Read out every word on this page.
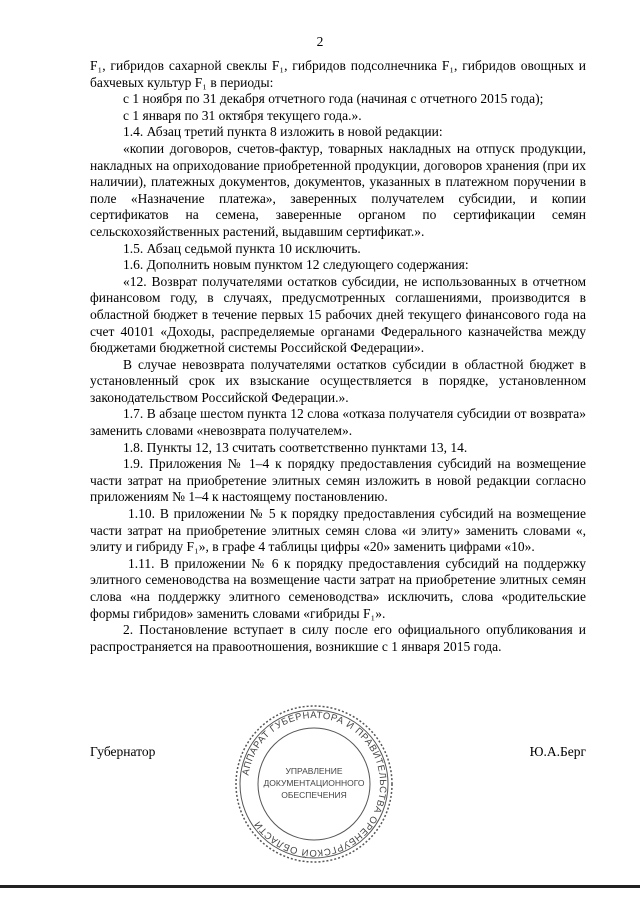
2

F₁, гибридов сахарной свеклы F₁, гибридов подсолнечника F₁, гибридов овощных и бахчевых культур F₁ в периоды:

с 1 ноября по 31 декабря отчетного года (начиная с отчетного 2015 года);

с 1 января по 31 октября текущего года.».

1.4. Абзац третий пункта 8 изложить в новой редакции:

«копии договоров, счетов-фактур, товарных накладных на отпуск продукции, накладных на оприходование приобретенной продукции, договоров хранения (при их наличии), платежных документов, документов, указанных в платежном поручении в поле «Назначение платежа», заверенных получателем субсидии, и копии сертификатов на семена, заверенные органом по сертификации семян сельскохозяйственных растений, выдавшим сертификат.».

1.5. Абзац седьмой пункта 10 исключить.

1.6. Дополнить новым пунктом 12 следующего содержания:

«12. Возврат получателями остатков субсидии, не использованных в отчетном финансовом году, в случаях, предусмотренных соглашениями, производится в областной бюджет в течение первых 15 рабочих дней текущего финансового года на счет 40101 «Доходы, распределяемые органами Федерального казначейства между бюджетами бюджетной системы Российской Федерации».

В случае невозврата получателями остатков субсидии в областной бюджет в установленный срок их взыскание осуществляется в порядке, установленном законодательством Российской Федерации.».

1.7. В абзаце шестом пункта 12 слова «отказа получателя субсидии от возврата» заменить словами «невозврата получателем».

1.8. Пункты 12, 13 считать соответственно пунктами 13, 14.

1.9. Приложения № 1–4 к порядку предоставления субсидий на возмещение части затрат на приобретение элитных семян изложить в новой редакции согласно приложениям № 1–4 к настоящему постановлению.

1.10. В приложении № 5 к порядку предоставления субсидий на возмещение части затрат на приобретение элитных семян слова «и элиту» заменить словами «, элиту и гибриду F₁», в графе 4 таблицы цифры «20» заменить цифрами «10».

1.11. В приложении № 6 к порядку предоставления субсидий на поддержку элитного семеноводства на возмещение части затрат на приобретение элитных семян слова «на поддержку элитного семеноводства» исключить, слова «родительские формы гибридов» заменить словами «гибриды F₁».

2. Постановление вступает в силу после его официального опубликования и распространяется на правоотношения, возникшие с 1 января 2015 года.

Губернатор	Ю.А.Берг
АППАРАТ ГУБЕРНАТОРА И ПРАВИТЕЛЬСТВА ОРЕНБУРГСКОЙ ОБЛАСТИ
УПРАВЛЕНИЕ
ДОКУМЕНТАЦИОННОГО
ОБЕСПЕЧЕНИЯ
